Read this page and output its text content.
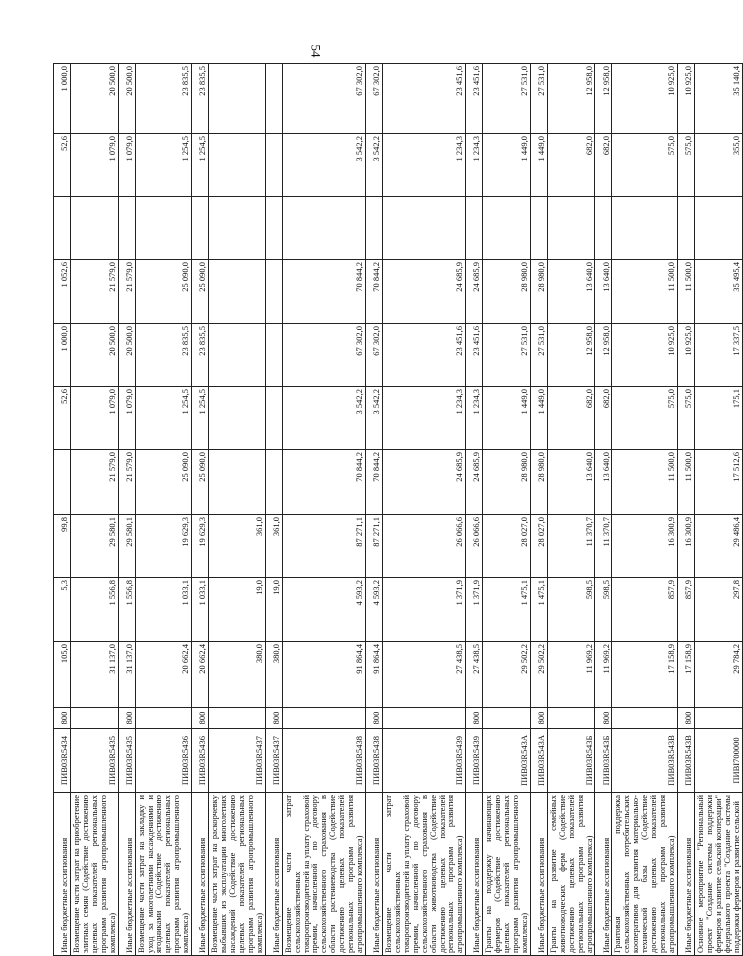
54
Иные бюджетные ассигнования	ПИВ03R5434	800	105,0	5,3	99,8		52,6	1 000,0	1 052,6		52,6	1 000,0
Возмещение части затрат на приобретение элитных семян (Содействие достижению целевых показателей региональных программ развития агропромышленного комплекса)	ПИВ03R5435		31 137,0	1 556,8	29 580,1	21 579,0	1 079,0	20 500,0	21 579,0		1 079,0	20 500,0
Иные бюджетные ассигнования	ПИВ03R5435	800	31 137,0	1 556,8	29 580,1	21 579,0	1 079,0	20 500,0	21 579,0		1 079,0	20 500,0
Возмещение части затрат на закладку и уход за многолетними насаждениями и ягодниками (Содействие достижению целевых показателей региональных программ развития агропромышленного комплекса)	ПИВ03R5436		20 662,4	1 033,1	19 629,3	25 090,0	1 254,5	23 835,5	25 090,0		1 254,5	23 835,5
Иные бюджетные ассигнования	ПИВ03R5436	800	20 662,4	1 033,1	19 629,3	25 090,0	1 254,5	23 835,5	25 090,0		1 254,5	23 835,5
Возмещение части затрат на раскорчевку выбывших из эксплуатации многолетних насаждений (Содействие достижению целевых показателей региональных программ развития агропромышленного комплекса)	ПИВ03R5437		380,0	19,0	361,0							
Иные бюджетные ассигнования	ПИВ03R5437	800	380,0	19,0	361,0							
Возмещение части затрат сельскохозяйственных товаропроизводителей на уплату страховой премии, начисленной по договору сельскохозяйственного страхования в области растениеводства (Содействие достижению целевых показателей региональных программ развития агропромышленного комплекса)	ПИВ03R5438		91 864,4	4 593,2	87 271,1	70 844,2	3 542,2	67 302,0	70 844,2		3 542,2	67 302,0
Иные бюджетные ассигнования	ПИВ03R5438	800	91 864,4	4 593,2	87 271,1	70 844,2	3 542,2	67 302,0	70 844,2		3 542,2	67 302,0
Возмещение части затрат сельскохозяйственных товаропроизводителей на уплату страховой премии, начисленной по договору сельскохозяйственного страхования в области животноводства (Содействие достижению целевых показателей региональных программ развития агропромышленного комплекса)	ПИВ03R5439		27 438,5	1 371,9	26 066,6	24 685,9	1 234,3	23 451,6	24 685,9		1 234,3	23 451,6
Иные бюджетные ассигнования	ПИВ03R5439	800	27 438,5	1 371,9	26 066,6	24 685,9	1 234,3	23 451,6	24 685,9		1 234,3	23 451,6
Гранты на поддержку начинающих фермеров (Содействие достижению целевых показателей региональных программ развития агропромышленного комплекса)	ПИВ03R543А		29 502,2	1 475,1	28 027,0	28 980,0	1 449,0	27 531,0	28 980,0		1 449,0	27 531,0
Иные бюджетные ассигнования	ПИВ03R543А	800	29 502,2	1 475,1	28 027,0	28 980,0	1 449,0	27 531,0	28 980,0		1 449,0	27 531,0
Гранты на развитие семейных животноводческих ферм (Содействие достижению целевых показателей региональных программ развития агропромышленного комплекса)	ПИВ03R543Б		11 969,2	598,5	11 370,7	13 640,0	682,0	12 958,0	13 640,0		682,0	12 958,0
Иные бюджетные ассигнования	ПИВ03R543Б	800	11 969,2	598,5	11 370,7	13 640,0	682,0	12 958,0	13 640,0		682,0	12 958,0
Грантовая поддержка сельскохозяйственных потребительских кооперативов для развития материально-технической базы (Содействие достижению целевых показателей региональных программ развития агропромышленного комплекса)	ПИВ03R543В		17 158,9	857,9	16 300,9	11 500,0	575,0	10 925,0	11 500,0		575,0	10 925,0
Иные бюджетные ассигнования	ПИВ03R543В	800	17 158,9	857,9	16 300,9	11 500,0	575,0	10 925,0	11 500,0		575,0	10 925,0
Основное мероприятие "Региональный проект "Создание системы поддержки фермеров и развитие сельской кооперации" федерального проекта "Создание системы поддержки фермеров и развитие сельской	ПИВI700000		29 784,2	297,8	29 486,4	17 512,6	175,1	17 337,5	35 495,4		355,0	35 140,4
